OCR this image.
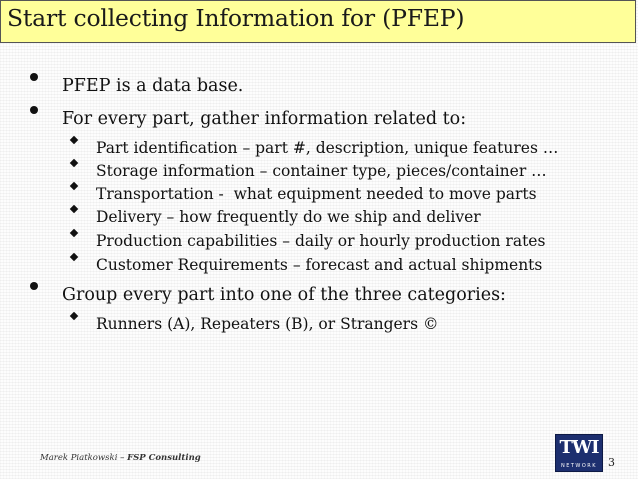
Start collecting Information for (PFEP)
PFEP is a data base.
For every part, gather information related to:
Part identification – part #, description, unique features …
Storage information – container type, pieces/container …
Transportation -  what equipment needed to move parts
Delivery – how frequently do we ship and deliver
Production capabilities – daily or hourly production rates
Customer Requirements – forecast and actual shipments
Group every part into one of the three categories:
Runners (A), Repeaters (B), or Strangers ©
Marek Piatkowski – FSP Consulting	TWI
NETWORK 3
